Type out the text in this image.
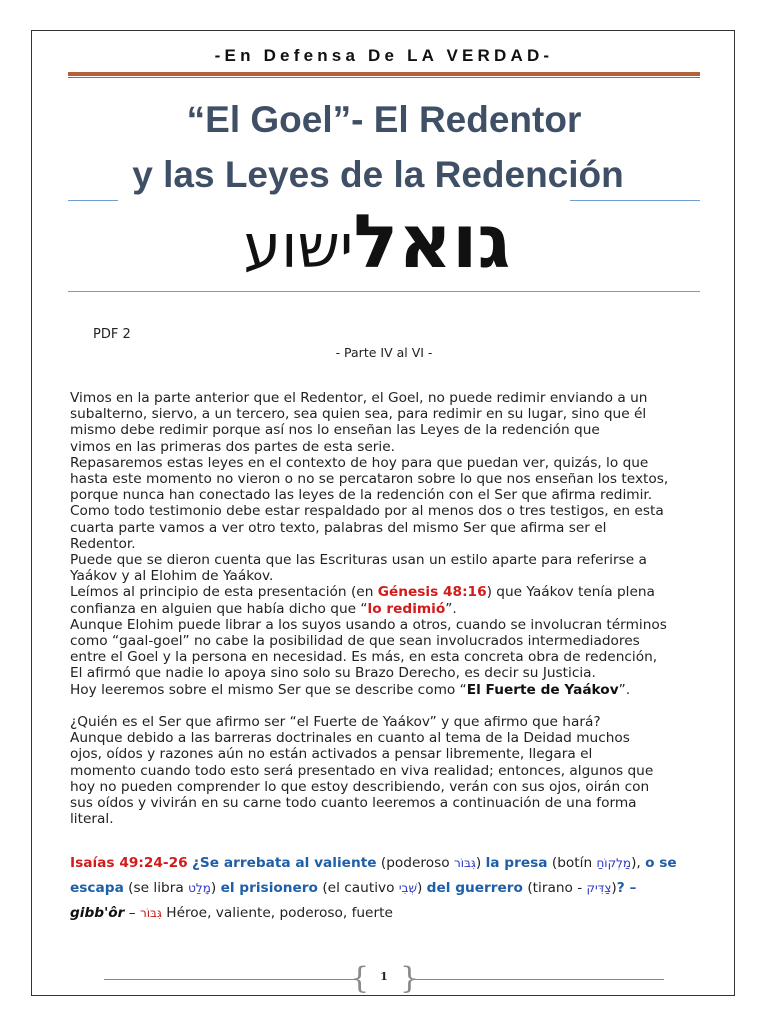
-En Defensa De LA VERDAD-
“El Goel”- El Redentor
y las Leyes de la Redención
גואלישוע
PDF 2
- Parte IV al VI -

Vimos en la parte anterior que el Redentor, el Goel, no puede redimir enviando a un

subalterno, siervo, a un tercero, sea quien sea, para redimir en su lugar, sino que él

mismo debe redimir porque así nos lo enseñan las Leyes de la redención que

vimos en las primeras dos partes de esta serie.

Repasaremos estas leyes en el contexto de hoy para que puedan ver, quizás, lo que

hasta este momento no vieron o no se percataron sobre lo que nos enseñan los textos,

porque nunca han conectado las leyes de la redención con el Ser que afirma redimir.

Como todo testimonio debe estar respaldado por al menos dos o tres testigos, en esta

cuarta parte vamos a ver otro texto, palabras del mismo Ser que afirma ser el

Redentor.

Puede que se dieron cuenta que las Escrituras usan un estilo aparte para referirse a

Yaákov y al Elohim de Yaákov.

Leímos al principio de esta presentación (en Génesis 48:16) que Yaákov tenía plena

confianza en alguien que había dicho que “lo redimió”.

Aunque Elohim puede librar a los suyos usando a otros, cuando se involucran términos

como “gaal-goel” no cabe la posibilidad de que sean involucrados intermediadores

entre el Goel y la persona en necesidad. Es más, en esta concreta obra de redención,

El afirmó que nadie lo apoya sino solo su Brazo Derecho, es decir su Justicia.

Hoy leeremos sobre el mismo Ser que se describe como “El Fuerte de Yaákov”.

¿Quién es el Ser que afirmo ser “el Fuerte de Yaákov” y que afirmo que hará?

Aunque debido a las barreras doctrinales en cuanto al tema de la Deidad muchos

ojos, oídos y razones aún no están activados a pensar libremente, llegara el

momento cuando todo esto será presentado en viva realidad; entonces, algunos que

hoy no pueden comprender lo que estoy describiendo, verán con sus ojos, oirán con

sus oídos y vivirán en su carne todo cuanto leeremos a continuación de una forma

literal.

Isaías 49:24-26 ¿Se arrebata al valiente (poderoso גִּבּוֹר) la presa (botín מַלְקוֹחַ), o se escapa (se libra מָלַט) el prisionero (el cautivo שְׁבִי) del guerrero (tirano - צַדִּיק)? –
gibb'ôr – גִּבּוֹר Héroe, valiente, poderoso, fuerte
{ }
1
